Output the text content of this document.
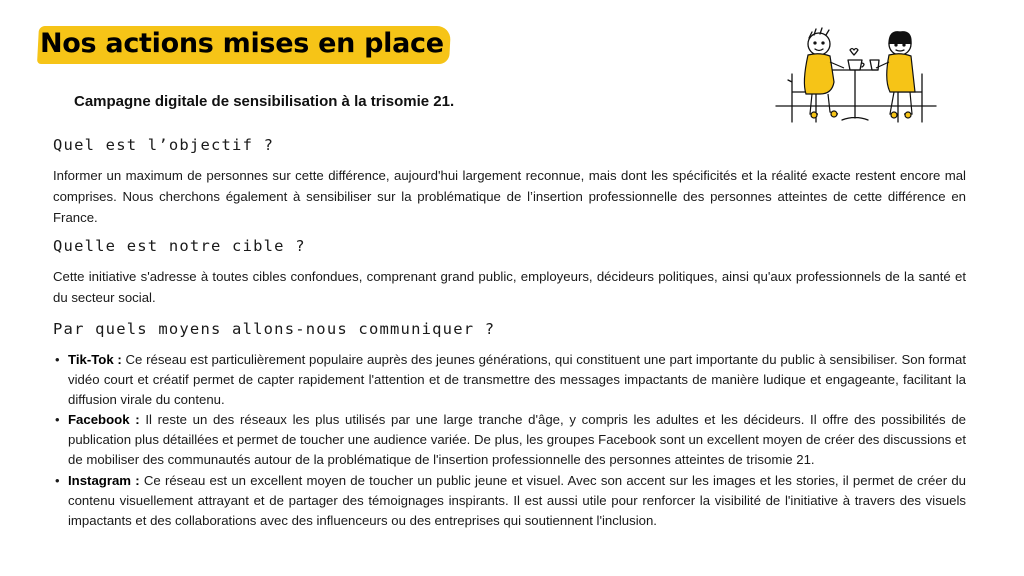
Nos actions mises en place
Campagne digitale de sensibilisation à la trisomie 21.
Quel est l’objectif ?
Informer un maximum de personnes sur cette différence, aujourd'hui largement reconnue, mais dont les spécificités et la réalité exacte restent encore mal comprises. Nous cherchons également à sensibiliser sur la problématique de l’insertion professionnelle des personnes atteintes de cette différence en France.
Quelle est notre cible ?
Cette initiative s'adresse à toutes cibles confondues, comprenant grand public, employeurs, décideurs politiques, ainsi qu'aux professionnels de la santé et du secteur social.
Par quels moyens allons-nous communiquer ?
• Tik-Tok : Ce réseau est particulièrement populaire auprès des jeunes générations, qui constituent une part importante du public à sensibiliser. Son format vidéo court et créatif permet de capter rapidement l'attention et de transmettre des messages impactants de manière ludique et engageante, facilitant la diffusion virale du contenu.
• Facebook : Il reste un des réseaux les plus utilisés par une large tranche d'âge, y compris les adultes et les décideurs. Il offre des possibilités de publication plus détaillées et permet de toucher une audience variée. De plus, les groupes Facebook sont un excellent moyen de créer des discussions et de mobiliser des communautés autour de la problématique de l'insertion professionnelle des personnes atteintes de trisomie 21.
• Instagram : Ce réseau est un excellent moyen de toucher un public jeune et visuel. Avec son accent sur les images et les stories, il permet de créer du contenu visuellement attrayant et de partager des témoignages inspirants. Il est aussi utile pour renforcer la visibilité de l'initiative à travers des visuels impactants et des collaborations avec des influenceurs ou des entreprises qui soutiennent l'inclusion.
